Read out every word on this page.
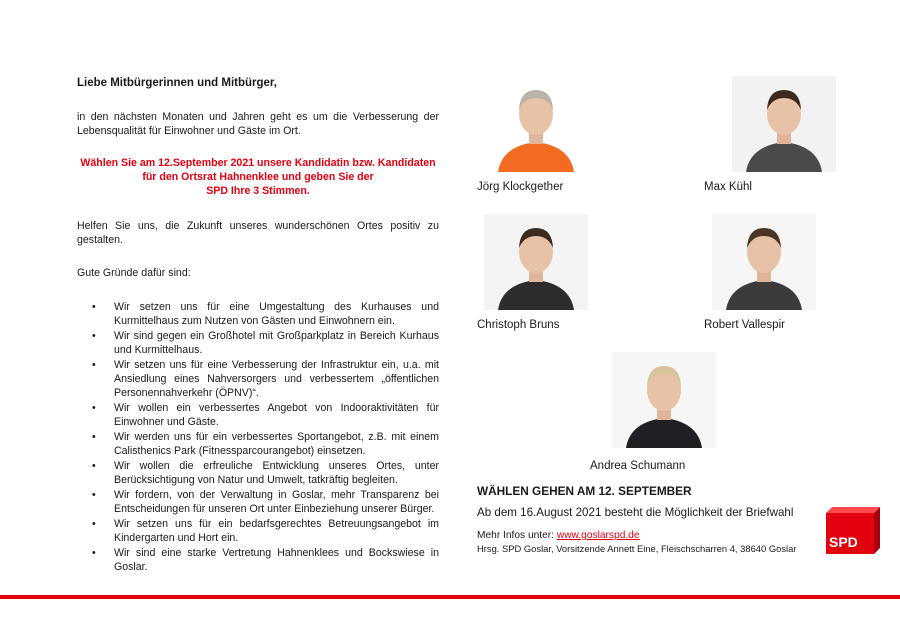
Liebe Mitbürgerinnen und Mitbürger,
in den nächsten Monaten und Jahren geht es um die Verbesserung der Lebensqualität für Einwohner und Gäste im Ort.
Wählen Sie am 12.September 2021 unsere Kandidatin bzw. Kandidaten
für den Ortsrat Hahnenklee und geben Sie der
SPD Ihre 3 Stimmen.
Helfen Sie uns, die Zukunft unseres wunderschönen Ortes positiv zu gestalten.
Gute Gründe dafür sind:
• Wir setzen uns für eine Umgestaltung des Kurhauses und Kurmittelhaus zum Nutzen von Gästen und Einwohnern ein.
• Wir sind gegen ein Großhotel mit Großparkplatz in Bereich Kurhaus und Kurmittelhaus.
• Wir setzen uns für eine Verbesserung der Infrastruktur ein, u.a. mit Ansiedlung eines Nahversorgers und verbessertem „öffentlichen Personennahverkehr (ÖPNV)“.
• Wir wollen ein verbessertes Angebot von Indooraktivitäten für Einwohner und Gäste.
• Wir werden uns für ein verbessertes Sportangebot, z.B. mit einem Calisthenics Park (Fitnessparcourangebot) einsetzen.
• Wir wollen die erfreuliche Entwicklung unseres Ortes, unter Berücksichtigung von Natur und Umwelt, tatkräftig begleiten.
• Wir fordern, von der Verwaltung in Goslar, mehr Transparenz bei Entscheidungen für unseren Ort unter Einbeziehung unserer Bürger.
• Wir setzen uns für ein bedarfsgerechtes Betreuungsangebot im Kindergarten und Hort ein.
• Wir sind eine starke Vertretung Hahnenklees und Bockswiese in Goslar.
Jörg Klockgether	Max Kühl
Christoph Bruns	Robert Vallespir
Andrea Schumann
WÄHLEN GEHEN AM 12. SEPTEMBER
Ab dem 16.August 2021 besteht die Möglichkeit der Briefwahl
Mehr Infos unter: www.goslarspd.de
Hrsg. SPD Goslar, Vorsitzende Annett Eine, Fleischscharren 4, 38640 Goslar SPD
